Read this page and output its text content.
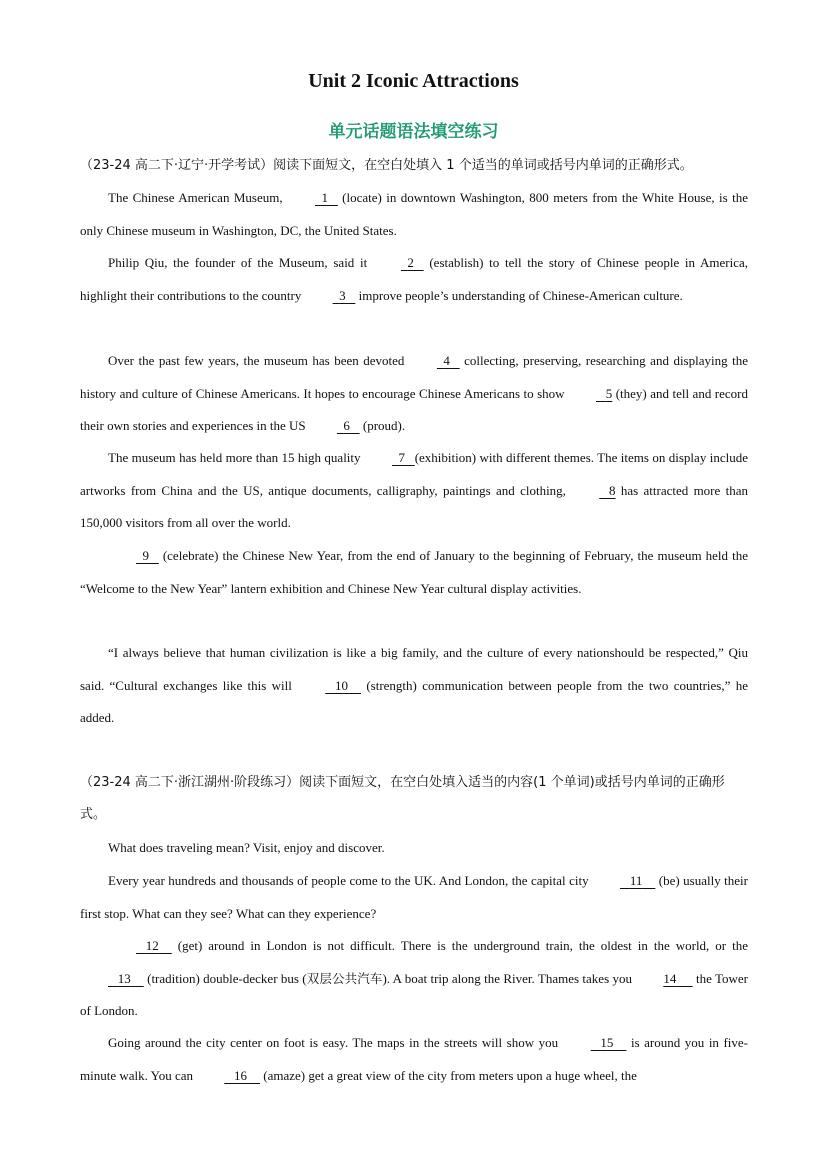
Unit 2 Iconic Attractions
单元话题语法填空练习
（23-24 高二下·辽宁·开学考试）阅读下面短文，在空白处填入 1 个适当的单词或括号内单词的正确形式。
The Chinese American Museum,	1    (locate) in downtown Washington, 800 meters from the White House, is the only Chinese museum in Washington, DC, the United States.
Philip Qiu, the founder of the Museum, said it	2    (establish) to tell the story of Chinese people in America, highlight their contributions to the country	3    improve people’s understanding of Chinese-American culture.
Over the past few years, the museum has been devoted	4    collecting, preserving, researching and displaying the history and culture of Chinese Americans. It hopes to encourage Chinese Americans to show	5 (they) and tell and record their own stories and experiences in the US	6    (proud).
The museum has held more than 15 high quality	7 (exhibition) with different themes. The items on display include artworks from China and the US, antique documents, calligraphy, paintings and clothing,	8 has attracted more than 150,000 visitors from all over the world.
9    (celebrate) the Chinese New Year, from the end of January to the beginning of February, the museum held the “Welcome to the New Year” lantern exhibition and Chinese New Year cultural display activities.
“I always believe that human civilization is like a big family, and the culture of every nationshould be respected,” Qiu said. “Cultural exchanges like this will	10     (strength) communication between people from the two countries,” he added.
（23-24 高二下·浙江湖州·阶段练习）阅读下面短文，在空白处填入适当的内容(1 个单词)或括号内单词的正确形式。
What does traveling mean? Visit, enjoy and discover.
Every year hundreds and thousands of people come to the UK. And London, the capital city	11     (be) usually their first stop. What can they see? What can they experience?
12     (get) around in London is not difficult. There is the underground train, the oldest in the world, or the    13     (tradition) double-decker bus (双层公共汽车). A boat trip along the River. Thames takes you 14      the Tower of London.
Going around the city center on foot is easy. The maps in the streets will show you	15     is around you in five-minute walk. You can	16     (amaze) get a great view of the city from meters upon a huge wheel, the
